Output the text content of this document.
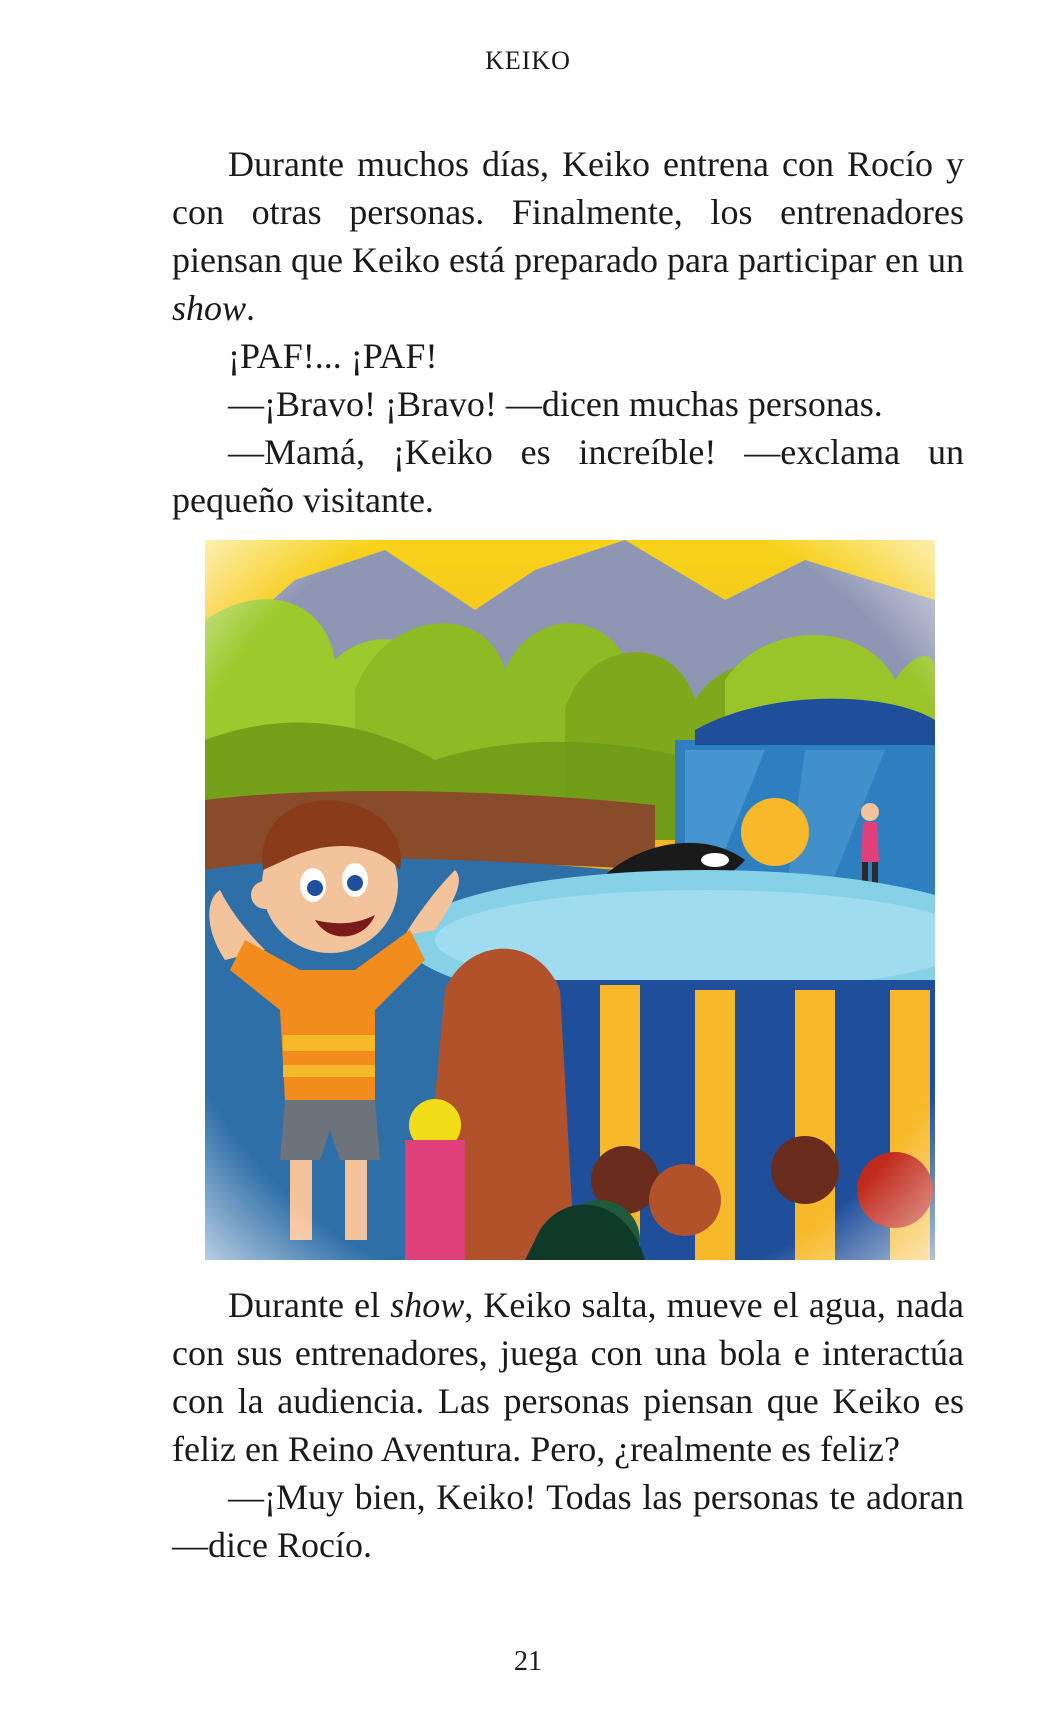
KEIKO

Durante muchos días, Keiko entrena con Rocío y con otras personas. Finalmente, los entrenadores piensan que Keiko está preparado para participar en un show.

¡PAF!... ¡PAF!

—¡Bravo! ¡Bravo! —dicen muchas personas.

—Mamá, ¡Keiko es increíble! —exclama un pequeño visitante.

Durante el show, Keiko salta, mueve el agua, nada con sus entrenadores, juega con una bola e interactúa con la audiencia. Las personas piensan que Keiko es feliz en Reino Aventura. Pero, ¿realmente es feliz?

—¡Muy bien, Keiko! Todas las personas te adoran —dice Rocío.

21
